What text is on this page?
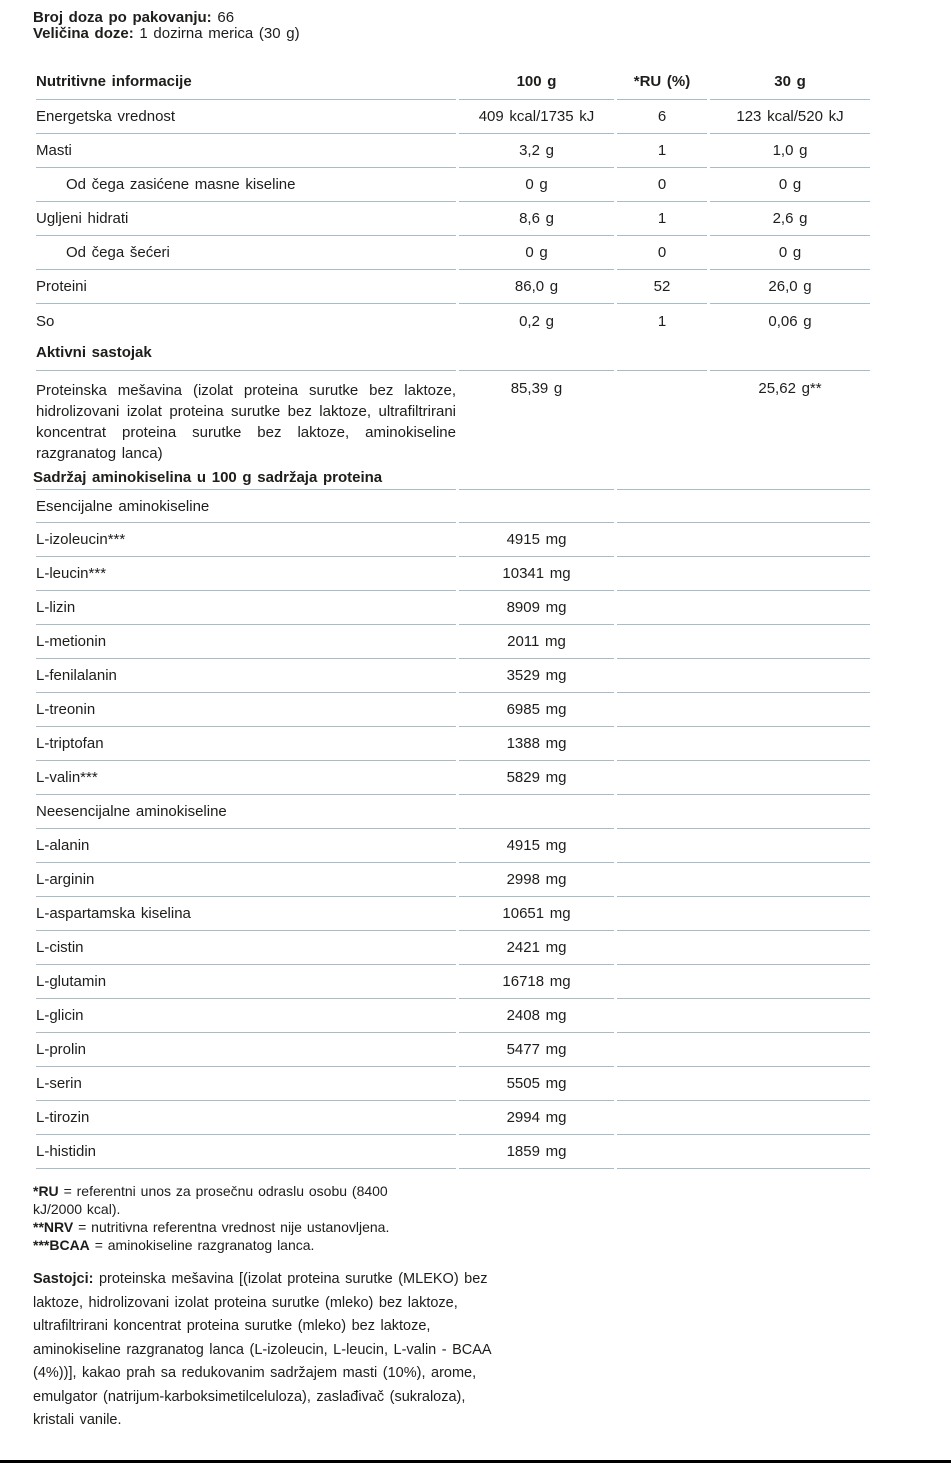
Broj doza po pakovanju: 66
Veličina doze: 1 dozirna merica (30 g)
Nutritivne informacije	100 g	*RU (%)	30 g
Energetska vrednost	409 kcal/1735 kJ	6	123 kcal/520 kJ
Masti	3,2 g	1	1,0 g
Od čega zasićene masne kiseline	0 g	0	0 g
Ugljeni hidrati	8,6 g	1	2,6 g
Od čega šećeri	0 g	0	0 g
Proteini	86,0 g	52	26,0 g
So	0,2 g	1	0,06 g
Aktivni sastojak			
Proteinska mešavina (izolat proteina surutke bez laktoze, hidrolizovani izolat proteina surutke bez laktoze, ultrafiltrirani koncentrat proteina surutke bez laktoze, aminokiseline razgranatog lanca)	85,39 g		25,62 g**
Sadržaj aminokiselina u 100 g sadržaja proteina
Esencijalne aminokiseline		
L-izoleucin***	4915 mg	
L-leucin***	10341 mg	
L-lizin	8909 mg	
L-metionin	2011 mg	
L-fenilalanin	3529 mg	
L-treonin	6985 mg	
L-triptofan	1388 mg	
L-valin***	5829 mg	
Neesencijalne aminokiseline		
L-alanin	4915 mg	
L-arginin	2998 mg	
L-aspartamska kiselina	10651 mg	
L-cistin	2421 mg	
L-glutamin	16718 mg	
L-glicin	2408 mg	
L-prolin	5477 mg	
L-serin	5505 mg	
L-tirozin	2994 mg	
L-histidin	1859 mg	
*RU = referentni unos za prosečnu odraslu osobu (8400 kJ/2000 kcal).
**NRV = nutritivna referentna vrednost nije ustanovljena.
***BCAA = aminokiseline razgranatog lanca.

Sastojci: proteinska mešavina [(izolat proteina surutke (MLEKO) bez laktoze, hidrolizovani izolat proteina surutke (mleko) bez laktoze, ultrafiltrirani koncentrat proteina surutke (mleko) bez laktoze, aminokiseline razgranatog lanca (L-izoleucin, L-leucin, L-valin - BCAA (4%))], kakao prah sa redukovanim sadržajem masti (10%), arome, emulgator (natrijum-karboksimetilceluloza), zaslađivač (sukraloza), kristali vanile.
